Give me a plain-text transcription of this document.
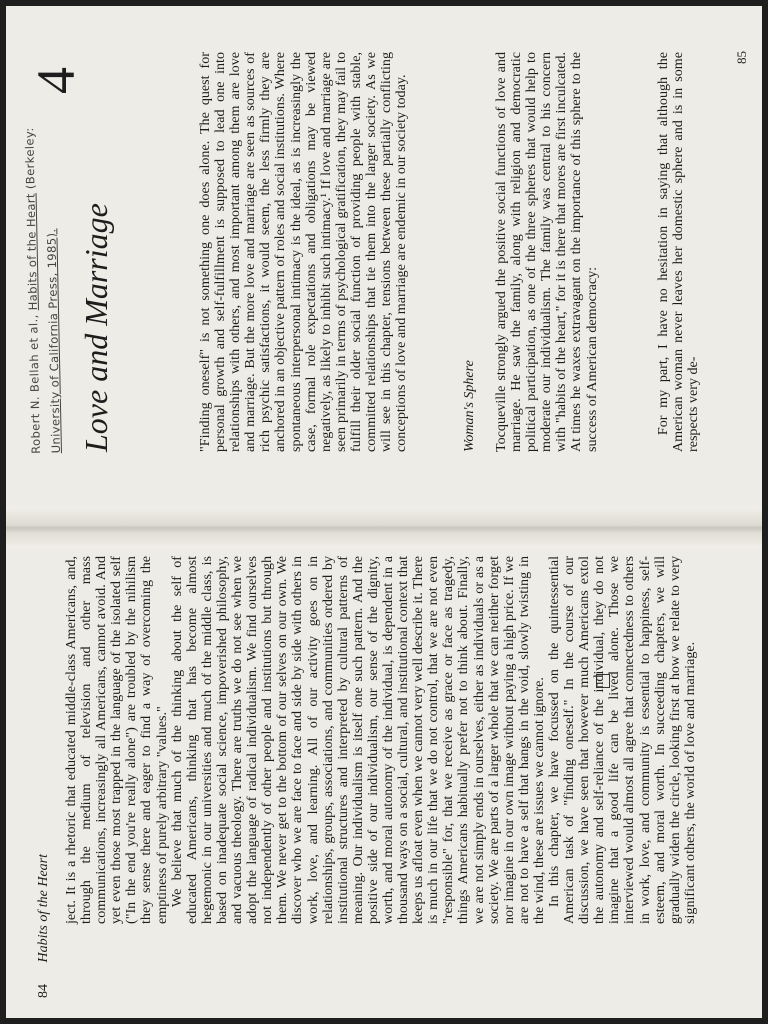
84 Habits of the Heart ject. It is a rhetoric that educated middle-class Americans, and, through the medium of television and other mass communications, increasingly all Americans, cannot avoid. And yet even those most trapped in the language of the isolated self ("In the end you're really alone") are troubled by the nihilism they sense there and eager to find a way of overcoming the emptiness of purely arbitrary "values." We believe that much of the thinking about the self of educated Americans, thinking that has become almost hegemonic in our universities and much of the middle class, is based on inadequate social science, impoverished philosophy, and vacuous theology. There are truths we do not see when we adopt the language of radical individualism. We find ourselves not independently of other people and institutions but through them. We never get to the bottom of our selves on our own. We discover who we are face to face and side by side with others in work, love, and learning. All of our activity goes on in relationships, groups, associations, and communities ordered by institutional structures and interpreted by cultural patterns of meaning. Our individualism is itself one such pattern. And the positive side of our individualism, our sense of the dignity, worth, and moral autonomy of the individual, is dependent in a thousand ways on a social, cultural, and institutional context that keeps us afloat even when we cannot very well describe it. There is much in our life that we do not control, that we are not even "responsible" for, that we receive as grace or face as tragedy, things Americans habitually prefer not to think about. Finally, we are not simply ends in ourselves, either as individuals or as a society. We are parts of a larger whole that we can neither forget nor imagine in our own image without paying a high price. If we are not to have a self that hangs in the void, slowly twisting in the wind, these are issues we cannot ignore. In this chapter, we have focussed on the quintessential American task of "finding oneself." In the course of our discussion, we have seen that however much Americans extol the autonomy and self-reliance of the individual, they do not imagine that a good life can be lived alone. Those we interviewed would almost all agree that connectedness to others in work, love, and community is essential to happiness, self-esteem, and moral worth. In succeeding chapters, we will gradually widen the circle, looking first at how we relate to very significant others, the world of love and marriage.

Robert N. Bellah et al., Habits of the Heart (Berkeley:
University of California Press, 1985).
4
Love and Marriage	"Finding oneself" is not something one does alone. The quest for personal growth and self-fulfillment is supposed to lead one into relationships with others, and most important among them are love and marriage. But the more love and marriage are seen as sources of rich psychic satisfactions, it would seem, the less firmly they are anchored in an objective pattern of roles and social institutions. Where spontaneous interpersonal intimacy is the ideal, as is increasingly the case, formal role expectations and obligations may be viewed negatively, as likely to inhibit such intimacy.¹ If love and marriage are seen primarily in terms of psychological gratification, they may fail to fulfill their older social function of providing people with stable, committed relationships that tie them into the larger society. As we will see in this chapter, tensions between these partially conflicting conceptions of love and marriage are endemic in our society today.	Woman's Sphere Tocqueville strongly argued the positive social functions of love and marriage. He saw the family, along with religion and democratic political participation, as one of the three spheres that would help to moderate our individualism. The family was central to his concern with "habits of the heart," for it is there that mores are first inculcated. At times he waxes extravagant on the importance of this sphere to the success of American democracy:	For my part, I have no hesitation in saying that although the American woman never leaves her domestic sphere and is in some respects very de-

85
